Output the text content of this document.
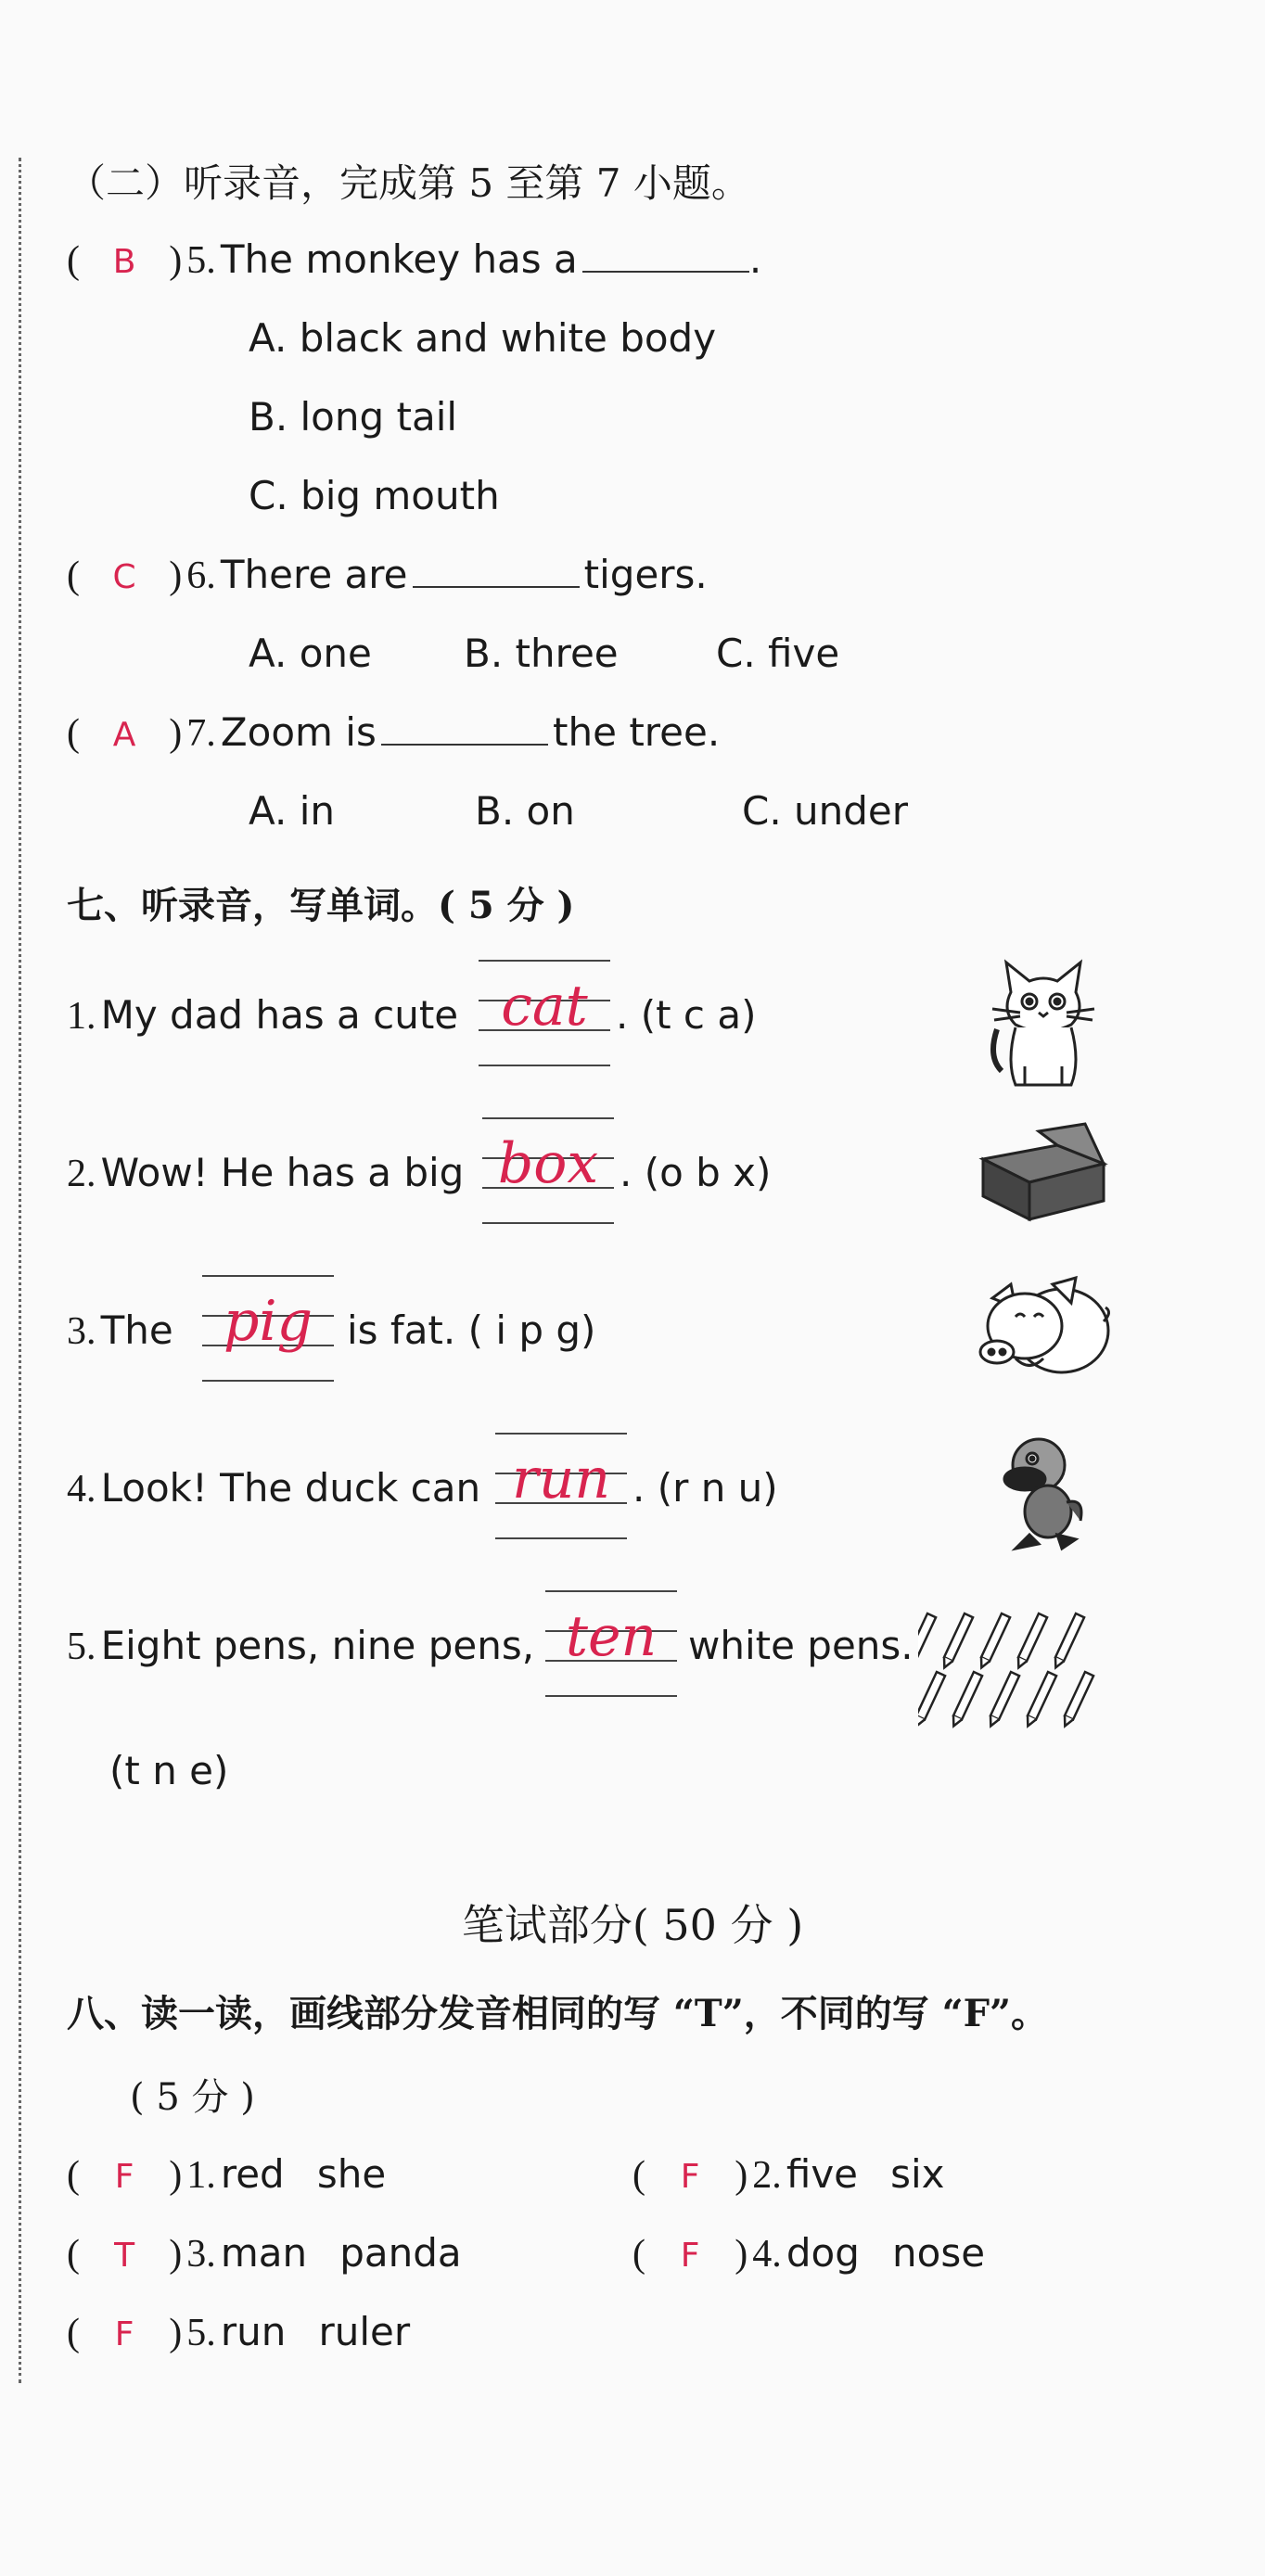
（二）听录音，完成第 5 至第 7 小题。
( B ) 5. The monkey has a	.
A. black and white body
B. long tail
C. big mouth
( C ) 6. There are	tigers.
A. one B. three	C. five
( A ) 7. Zoom is	the tree.
A. in	B. on	C. under
七、听录音，写单词。( 5 分 )
1. My dad has a cute cat . (t c a)
2. Wow! He has a big box . (o b x)
3. The pig is fat. ( i p g)
4. Look! The duck can run . (r n u)
5. Eight pens, nine pens, ten white pens.
(t n e)
笔试部分( 50 分 )
八、读一读，画线部分发音相同的写 “T”，不同的写 “F”。
( 5 分 )
( F ) 1. red she	( F ) 2. five six
( T ) 3. man panda	( F ) 4. dog nose
( F ) 5. run ruler
